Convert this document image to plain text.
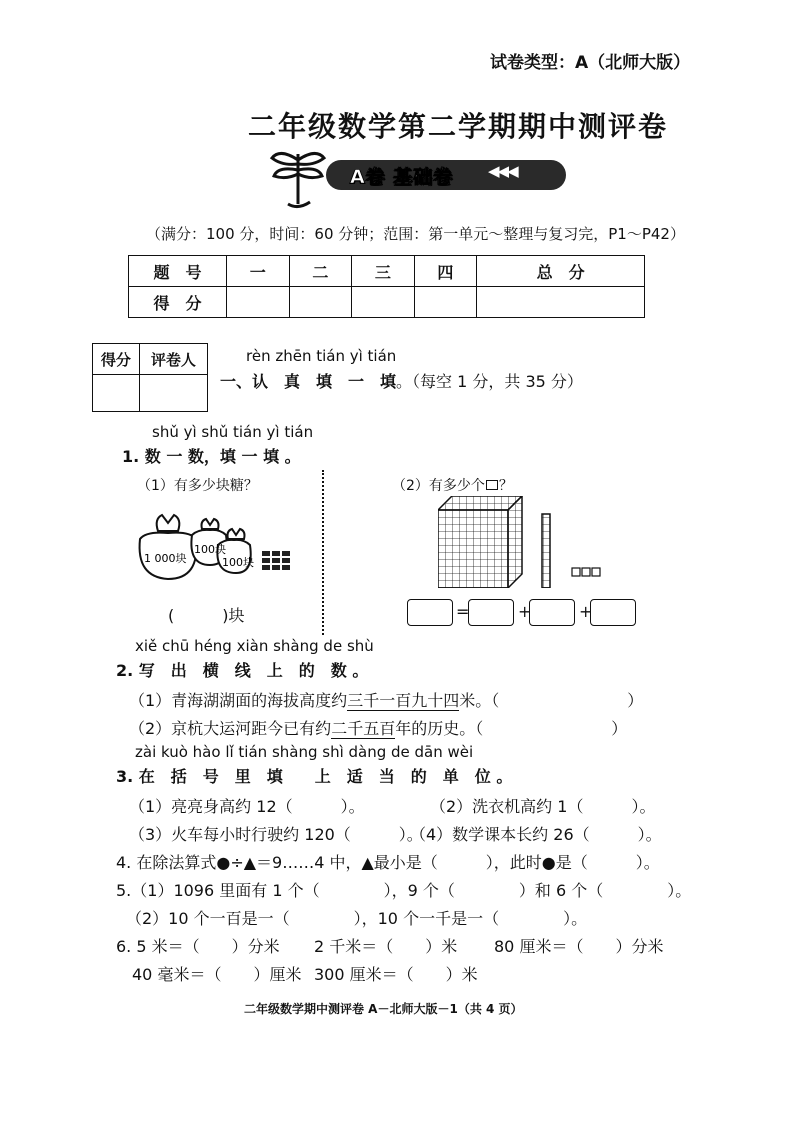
试卷类型：A（北师大版）
二年级数学第二学期期中测评卷
A卷 基础卷 ◀◀◀
（满分：100 分，时间：60 分钟；范围：第一单元～整理与复习完，P1～P42）
题　号	一	二	三	四	总　分
得　分					
得分	评卷人
		rèn zhēn tián yì tián
一、认　真　填　一　填。（每空 1 分，共 35 分）
shǔ yì shǔ tián yì tián
1. 数 一 数，填 一 填 。
（1）有多少块糖？	（2）有多少个 ？
1 000块
100块
100块
(　　　)块	=	+	+
xiě chū héng xiàn shàng de shù
2. 写　出　横　线　上　的　数 。
（1）青海湖湖面的海拔高度约三千一百九十四米。（　　　　　　　　）
（2）京杭大运河距今已有约二千五百年的历史。（　　　　　　　　）
zài kuò hào lǐ tián shàng shì dàng de dān wèi
3. 在　括　号　里　填　　上　适　当　的　单　位 。
（1）亮亮身高约 12（　　　）。	（2）洗衣机高约 1（　　　）。
（3）火车每小时行驶约 120（　　　）。
（4）数学课本长约 26（　　　）。
4. 在除法算式●÷▲＝9……4 中，▲最小是（　　　），此时●是（　　　）。
5.（1）1096 里面有 1 个（　　　　），9 个（　　　　）和 6 个（　　　　）。
（2）10 个一百是一（　　　　），10 个一千是一（　　　　）。
6. 5 米＝（　　）分米 2 千米＝（　　）米 80 厘米＝（　　）分米
40 毫米＝（　　）厘米 300 厘米＝（　　）米
二年级数学期中测评卷 A－北师大版－1（共 4 页）
